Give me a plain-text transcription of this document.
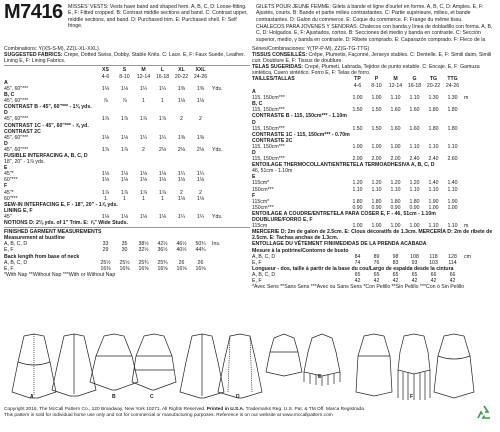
M7416 MISSES' VESTS: Vests have band and shaped hem. A, B, C, D: Loose-fitting. E, F: Fitted cropped. B: Contrast middle sections and band. C: Contrast upper, middle sections, and band. D: Purchased trim. E: Purchased shell. F: Self fringe.
GILETS POUR JEUNE FEMME: Gilets à bande et ligne d'ourlet en forme. A, B, C, D: Amples. E, F: Ajustés, courts. B: Bande et partie milieu contrastantes. C: Partie supérieure, milieu, et bande contrastantes. D: Galon du commerce. E: Coque du commerce. F: Frange du même tissu.
CHALECOS PARA JOVENES Y SEÑORAS: Chalecos con banda y línea de dobladillo con forma. A, B, C, D: Holgados. E, F: Ajustados, cortos. B: Secciones del medio y banda en contraste. C: Sección superior, medio, y banda en contraste. D: Ribete comprado. E: Caparazón comprado. F: Fleco de la
Combinations: Y(XS-S-M), ZZ(L-XL-XXL).
SUGGESTED FABRICS: Crepe, Dotted Swiss, Dobby, Stable Knits. C: Lace. E, F: Faux Suede, Leather. Lining E, F: Lining Fabrics.
XS	S	M	L	XL	XXL
4-6	8-10	12-14	16-18	20-22	24-26
A
45", 60"***	1⅛	1⅛	1¼	1¼	1⅜	1⅜	Yds.
B, C
45", 60"***	⅞	⅞	1	1	1⅛	1⅛
CONTRAST B - 45", 60"*** - 1⅜ yds.
D
45", 60"***	1⅞	1⅞	1⅞	1⅞	2	2
CONTRAST 1C - 45", 60"*** - ⅝ yd.
CONTRAST 2C
45", 60"***	1⅛	1⅛	1¼	1¼	1⅜	1⅜
D
45", 60"***	1⅞	1⅞	2	2⅛	2⅛	2⅛	Yds.
FUSIBLE INTERFACING A, B, C, D
18", 20" - 1⅞ yds.
E
45"*	1⅛	1⅛	1⅛	1⅛	1¼	1¼
60"***	1⅛	1⅛	1⅛	1⅛	1⅛	1⅛
F
45"*	1⅞	1⅞	1⅞	1⅞	2	2
60"***	1	1	1	1	1⅛	1⅛
SEW-IN INTERFACING E, F - 18", 20" - 1⅞ yds.
LINING E, F
45"	1⅛	1⅛	1⅛	1⅛	1¼	1¼	Yds.
NOTIONS D: 2⅛ yds. of 1" Trim. E: ⅞" Wide Studs.
FINISHED GARMENT MEASUREMENTS
Measurement at bustline
A, B, C, D	33	35	38½	42½	46½	50¾	Ins.
E, F	29	30	32½	36½	40½	44¾
Back length from base of neck
A, B, C, D	25½	25½	25¾	25¾	26	26
E, F	16⅜	16⅜	16⅝	16⅝	16⅝	16⅝
*With Nap **Without Nap ***With or Without Nap
Séries/Combinaciones: Y(TP-P-M), ZZ(G-TG-TTG)
TISSUS CONSEILLÉS: Crêpe, Plumetis, Façonné, Jerseys stables. C: Dentelle. E, F: Simili daim, Simili cuir. Doublure E, F: Tissus de doublure.
TELAS SUGERIDAS: Crepé, Plumeti, Labrada, Tejidos de punto estable. C: Encaje. E, F: Gamuza sintética, Cuero sintético. Forro E, F: Telas de forro.
TAILLES/TALLAS	TP	P	M	G	TG	TTG
4-6	8-10	12-14	16-18	20-22	24-26
A
115, 150cm***	1.00	1.00	1.10	1.10	1.30	1.30	m
B, C
115, 150cm***	1.50	1.50	1.60	1.60	1.80	1.80
CONTRASTE B - 115, 150cm*** - 1.10m
D
115, 150cm***	1.50	1.50	1.60	1.60	1.80	1.80
CONTRASTE 1C - 115, 150cm*** - 0.70m
CONTRASTE 2C
115, 150cm***	1.00	1.00	1.00	1.10	1.10	1.10
D
115, 150cm***	2.00	2.00	2.00	2.40	2.40	2.60
ENTOILAGE THERMOCOLLANT/ENTRETELA TERMOADHESIVA A, B, C, D
46, 51cm - 1.10m
E
115cm*	1.20	1.20	1.20	1.20	1.40	1.40
150cm***	1.10	1.10	1.10	1.10	1.10	1.10
F
115cm*	1.80	1.80	1.80	1.80	1.90	1.90
150cm***	0.90	0.90	0.90	0.90	1.00	1.00
ENTOILAGE À COUDRE/ENTRETELA PARA COSER E, F - 46, 51cm - 1.10m
DOUBLURE/FORRO E, F
115cm	1.00	1.00	1.00	1.00	1.10	1.10	m
MERCERIE D: 2m de galon de 2.5cm. E: Clous décoratifs de 1.3cm. MERCERÍA D: 2m de ribete de 2.5cm. E: Tachas anchas de 1.3cm.
ENTOLLAGE DU VÊTEMENT FINI/MEDIDAS DE LA PRENDA ACABADA
Mesure à la poitrine/Contorno de busto
A, B, C, D	84	89	98	108	118	128	cm
E, F	74	76	83	93	103	114
Longueur - dos, taille à partir de la base du cou/Largo de espalda desde la cintura
A, B, C, D	65	65	65	65	66	66
E, F	42	42	42	42	42	42
*Avec Sens **Sans Sens ***Avec ou Sans Sens *Con Pelillo **Sin Pelillo ***Con ó Sin Pelillo
A	B	C	D
E
F
Copyright 2016, The McCall Pattern Co., 120 Broadway, New York 10271. All Rights Reserved. Printed in U.S.A. Trademarks Reg. U.S. Pat. & TM Off. Marca Registrada
This pattern is sold for individual home use only and not for commercial or manufacturing purposes. Reference is on our website at www.mccallpattern.com
